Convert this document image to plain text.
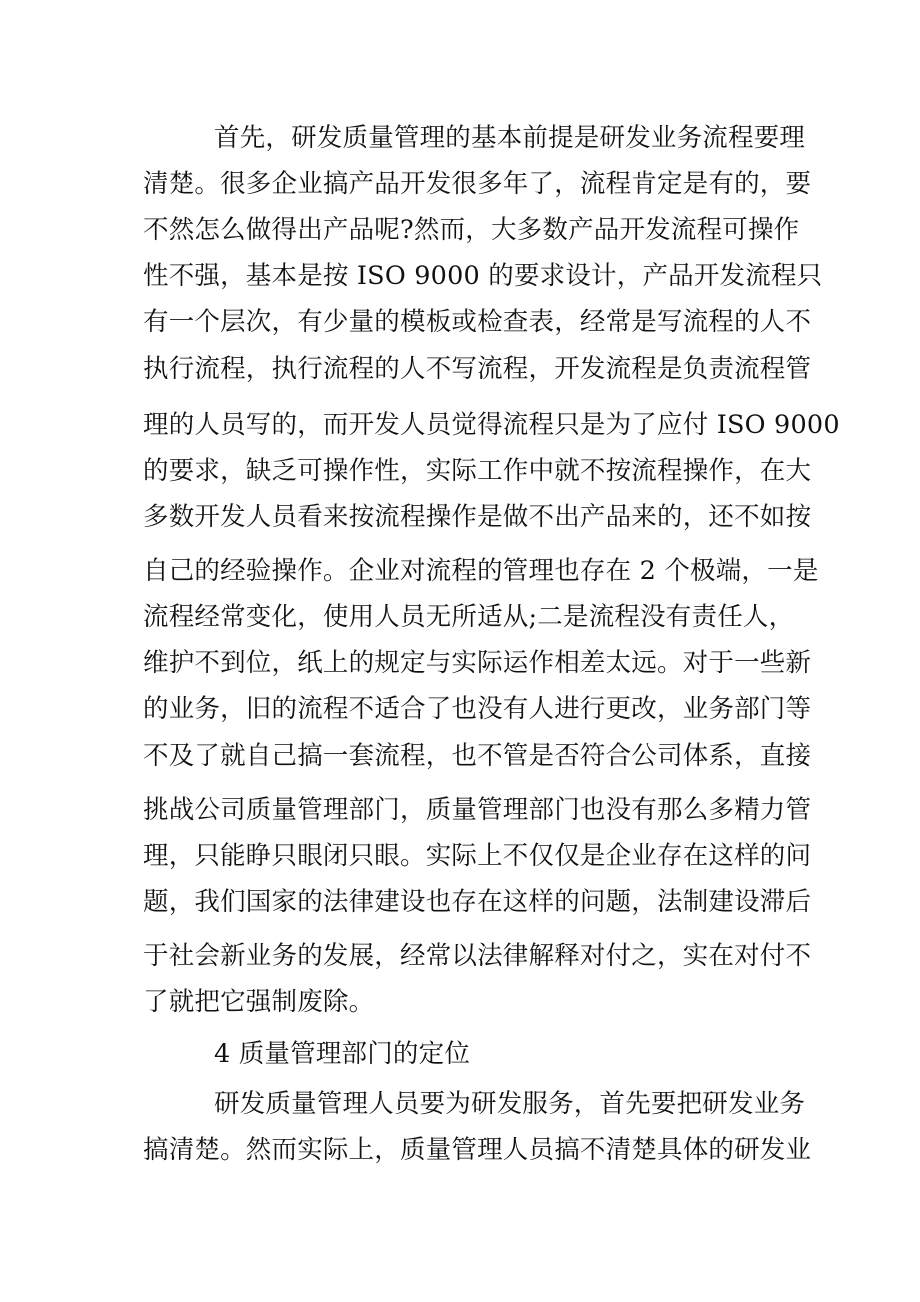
首先，研发质量管理的基本前提是研发业务流程要理
清楚。很多企业搞产品开发很多年了，流程肯定是有的，要
不然怎么做得出产品呢?然而，大多数产品开发流程可操作
性不强，基本是按 ISO 9000 的要求设计，产品开发流程只
有一个层次，有少量的模板或检查表，经常是写流程的人不
执行流程，执行流程的人不写流程，开发流程是负责流程管
理的人员写的，而开发人员觉得流程只是为了应付 ISO 9000
的要求，缺乏可操作性，实际工作中就不按流程操作，在大
多数开发人员看来按流程操作是做不出产品来的，还不如按
自己的经验操作。企业对流程的管理也存在 2 个极端，一是
流程经常变化，使用人员无所适从;二是流程没有责任人，
维护不到位，纸上的规定与实际运作相差太远。对于一些新
的业务，旧的流程不适合了也没有人进行更改，业务部门等
不及了就自己搞一套流程，也不管是否符合公司体系，直接
挑战公司质量管理部门，质量管理部门也没有那么多精力管
理，只能睁只眼闭只眼。实际上不仅仅是企业存在这样的问
题，我们国家的法律建设也存在这样的问题，法制建设滞后
于社会新业务的发展，经常以法律解释对付之，实在对付不
了就把它强制废除。
4 质量管理部门的定位
研发质量管理人员要为研发服务，首先要把研发业务
搞清楚。然而实际上，质量管理人员搞不清楚具体的研发业
